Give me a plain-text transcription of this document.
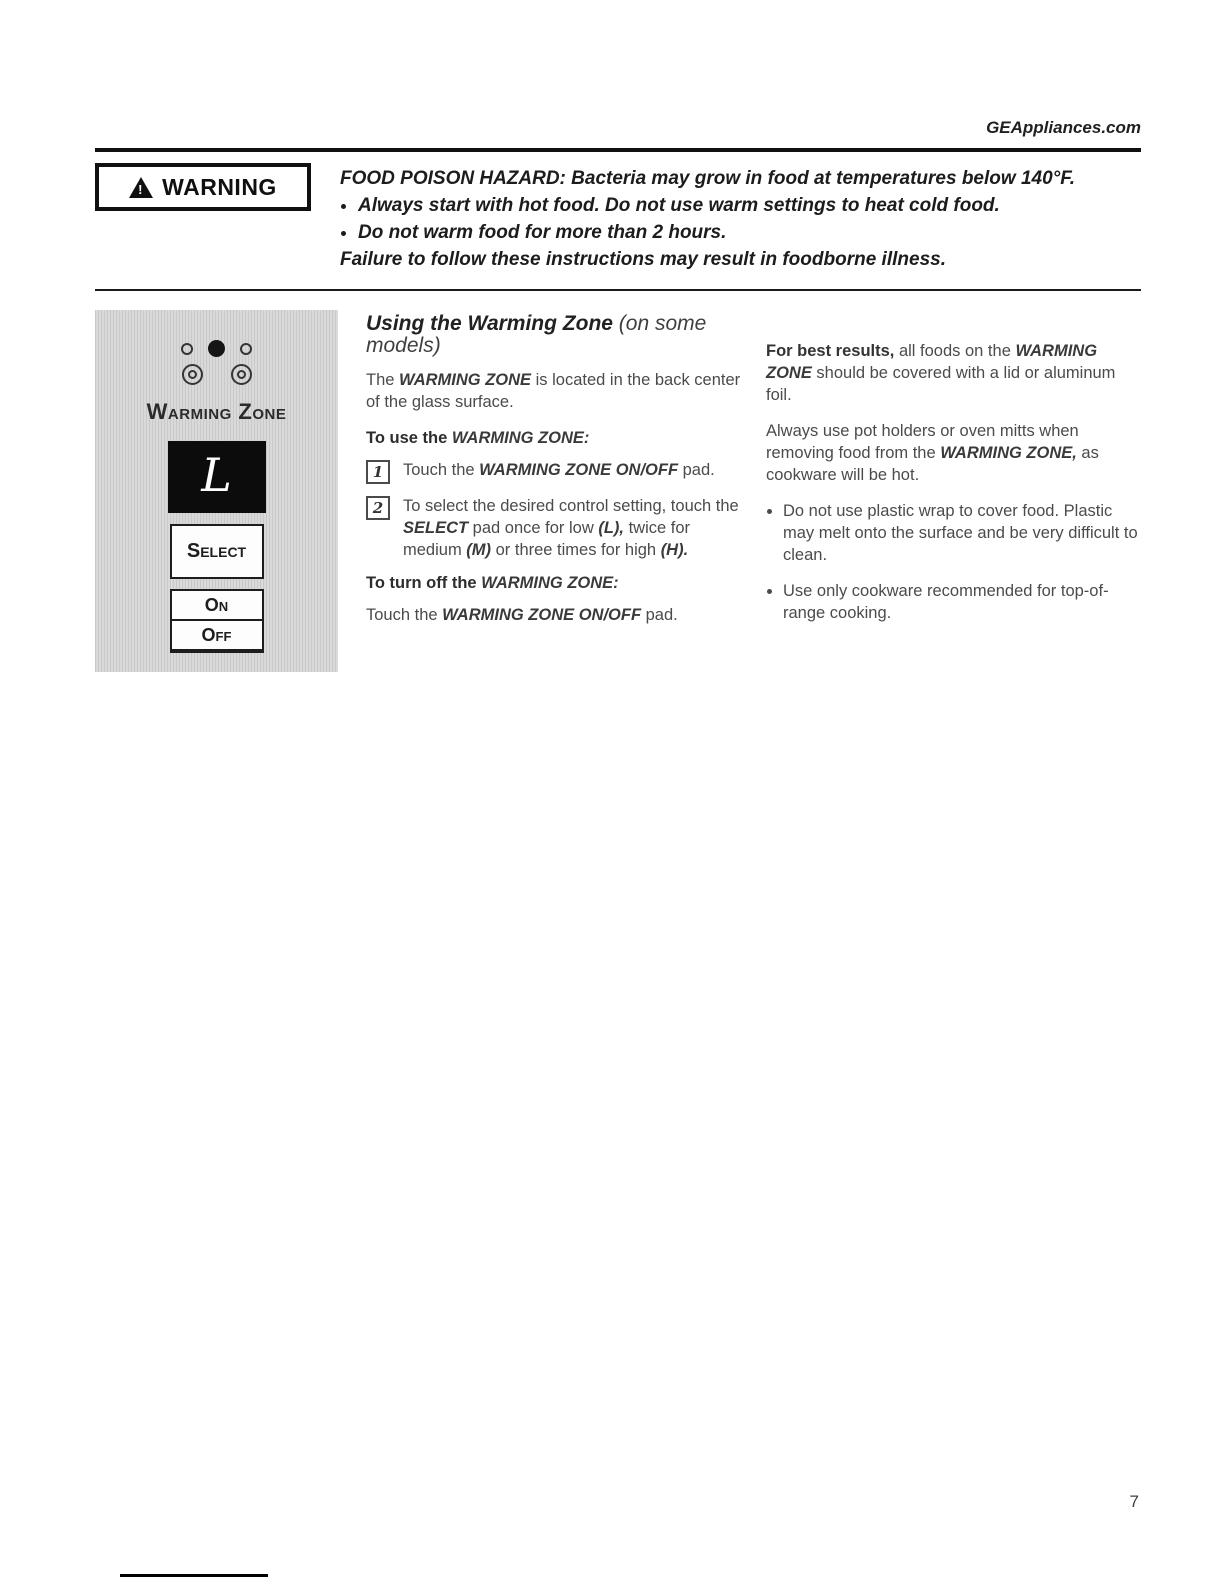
GEAppliances.com
! WARNING	FOOD POISON HAZARD: Bacteria may grow in food at temperatures below 140°F.

• Always start with hot food. Do not use warm settings to heat cold food.
• Do not warm food for more than 2 hours.

Failure to follow these instructions may result in foodborne illness.

Warming Zone
L
Select
On
Off
Using the Warming Zone (on some models)

The WARMING ZONE is located in the back center of the glass surface.

To use the WARMING ZONE:
1	Touch the WARMING ZONE ON/OFF pad.
2	To select the desired control setting, touch the SELECT pad once for low (L), twice for medium (M) or three times for high (H).
To turn off the WARMING ZONE:

Touch the WARMING ZONE ON/OFF pad.

For best results, all foods on the WARMING ZONE should be covered with a lid or aluminum foil.

Always use pot holders or oven mitts when removing food from the WARMING ZONE, as cookware will be hot.

• Do not use plastic wrap to cover food. Plastic may melt onto the surface and be very difficult to clean.
• Use only cookware recommended for top-of-range cooking.
7
